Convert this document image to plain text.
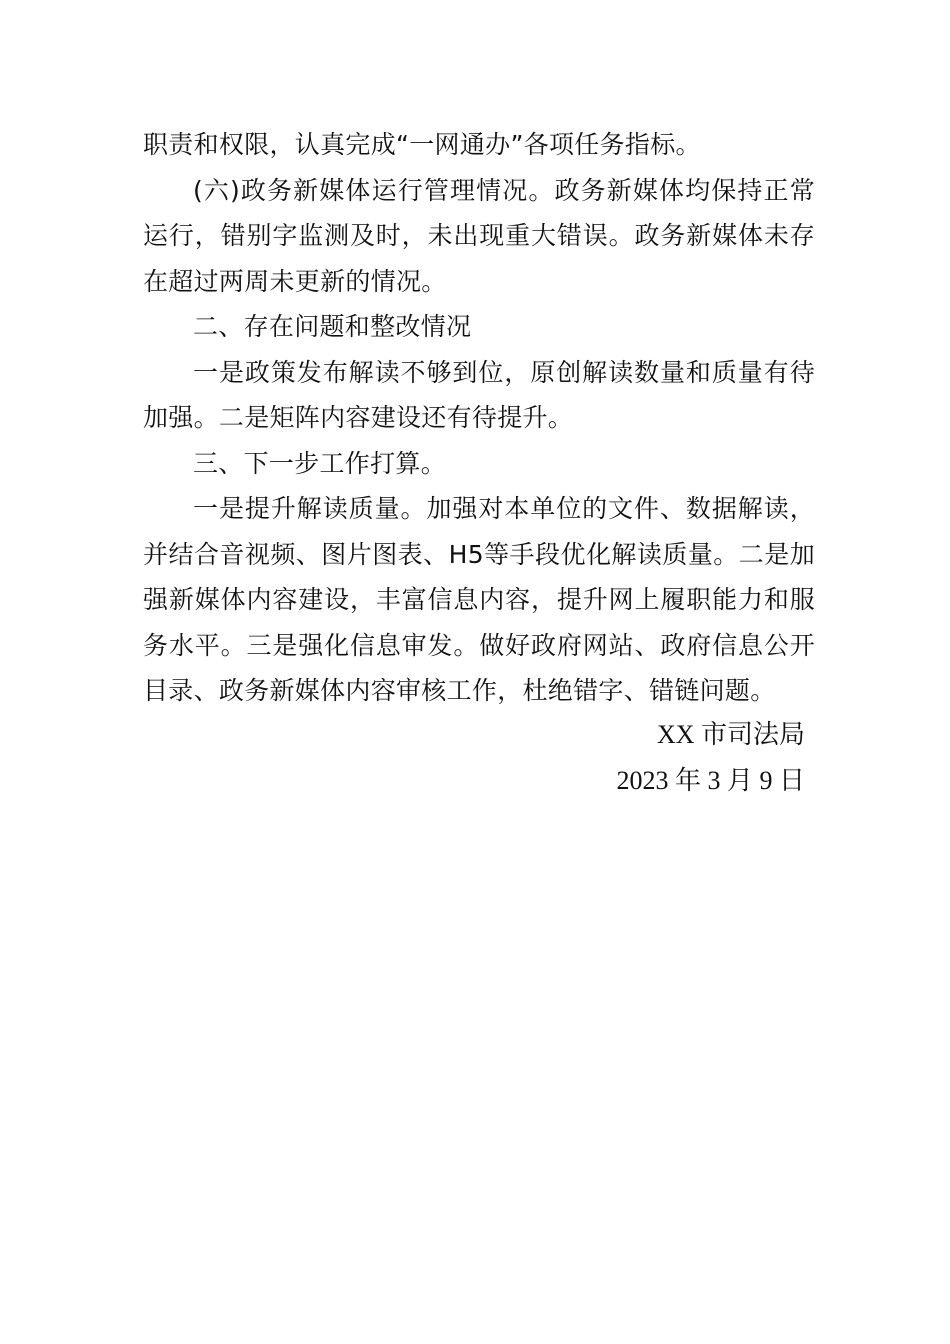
职责和权限，认真完成“一网通办”各项任务指标。

(六)政务新媒体运行管理情况。政务新媒体均保持正常运行，错别字监测及时，未出现重大错误。政务新媒体未存在超过两周未更新的情况。

二、存在问题和整改情况

一是政策发布解读不够到位，原创解读数量和质量有待加强。二是矩阵内容建设还有待提升。

三、下一步工作打算。

一是提升解读质量。加强对本单位的文件、数据解读，并结合音视频、图片图表、H5等手段优化解读质量。二是加强新媒体内容建设，丰富信息内容，提升网上履职能力和服务水平。三是强化信息审发。做好政府网站、政府信息公开目录、政务新媒体内容审核工作，杜绝错字、错链问题。

XX 市司法局
2023 年 3 月 9 日
